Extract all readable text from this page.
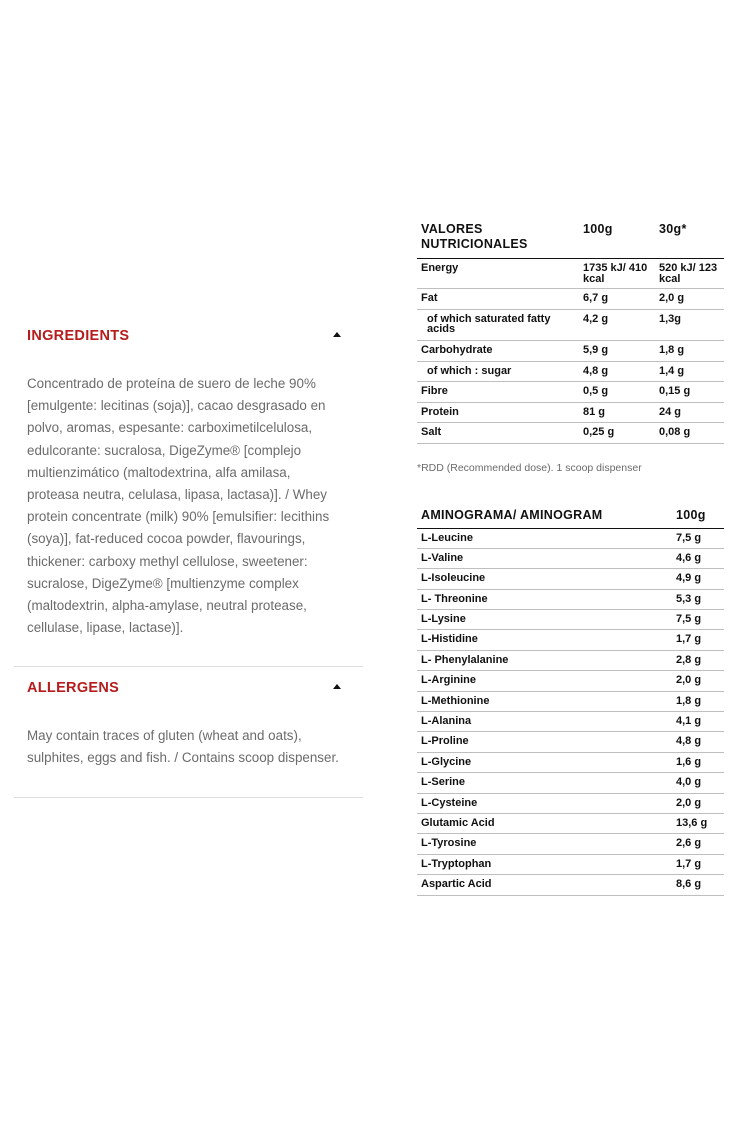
INGREDIENTS
Concentrado de proteína de suero de leche 90% [emulgente: lecitinas (soja)], cacao desgrasado en polvo, aromas, espesante: carboximetilcelulosa, edulcorante: sucralosa, DigeZyme® [complejo multienzimático (maltodextrina, alfa amilasa, proteasa neutra, celulasa, lipasa, lactasa)]. / Whey protein concentrate (milk) 90% [emulsifier: lecithins (soya)], fat-reduced cocoa powder, flavourings, thickener: carboxy methyl cellulose, sweetener: sucralose, DigeZyme® [multienzyme complex (maltodextrin, alpha-amylase, neutral protease, cellulase, lipase, lactase)].
ALLERGENS
May contain traces of gluten (wheat and oats), sulphites, eggs and fish. / Contains scoop dispenser.
VALORES NUTRICIONALES	100g	30g*
Energy	1735 kJ/ 410 kcal	520 kJ/ 123 kcal
Fat	6,7 g	2,0 g
of which saturated fatty acids	4,2 g	1,3g
Carbohydrate	5,9 g	1,8 g
of which : sugar	4,8 g	1,4 g
Fibre	0,5 g	0,15 g
Protein	81 g	24 g
Salt	0,25 g	0,08 g
*RDD (Recommended dose). 1 scoop dispenser
AMINOGRAMA/ AMINOGRAM	100g
L-Leucine	7,5 g
L-Valine	4,6 g
L-Isoleucine	4,9 g
L- Threonine	5,3 g
L-Lysine	7,5 g
L-Histidine	1,7 g
L- Phenylalanine	2,8 g
L-Arginine	2,0 g
L-Methionine	1,8 g
L-Alanina	4,1 g
L-Proline	4,8 g
L-Glycine	1,6 g
L-Serine	4,0 g
L-Cysteine	2,0 g
Glutamic Acid	13,6 g
L-Tyrosine	2,6 g
L-Tryptophan	1,7 g
Aspartic Acid	8,6 g
